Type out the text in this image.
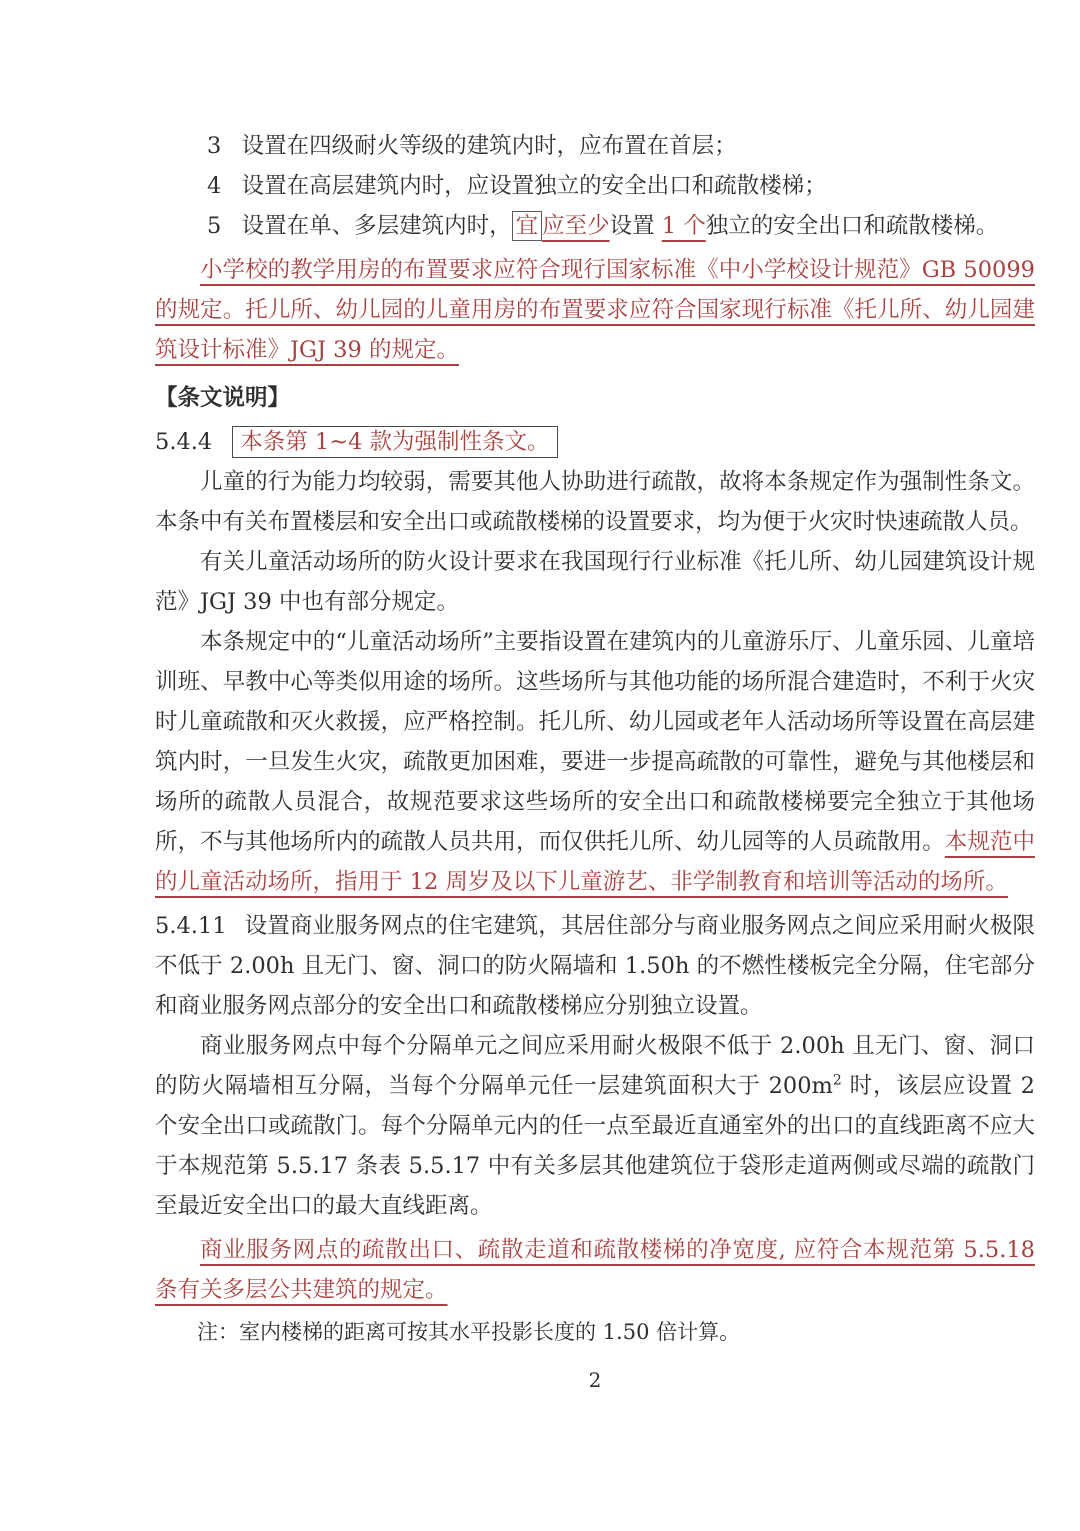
3 设置在四级耐火等级的建筑内时，应布置在首层；
4 设置在高层建筑内时，应设置独立的安全出口和疏散楼梯；
5 设置在单、多层建筑内时， 宜 应至少设置 1 个独立的安全出口和疏散楼梯。
小学校的教学用房的布置要求应符合现行国家标准《中小学校设计规范》GB 50099 的规定。托儿所、幼儿园的儿童用房的布置要求应符合国家现行标准《托儿所、幼儿园建筑设计标准》JGJ 39 的规定。
【条文说明】
5.4.4 本条第 1~4 款为强制性条文。
儿童的行为能力均较弱，需要其他人协助进行疏散，故将本条规定作为强制性条文。本条中有关布置楼层和安全出口或疏散楼梯的设置要求，均为便于火灾时快速疏散人员。
有关儿童活动场所的防火设计要求在我国现行行业标准《托儿所、幼儿园建筑设计规范》JGJ 39 中也有部分规定。
本条规定中的“儿童活动场所”主要指设置在建筑内的儿童游乐厅、儿童乐园、儿童培训班、早教中心等类似用途的场所。这些场所与其他功能的场所混合建造时，不利于火灾时儿童疏散和灭火救援，应严格控制。托儿所、幼儿园或老年人活动场所等设置在高层建筑内时，一旦发生火灾，疏散更加困难，要进一步提高疏散的可靠性，避免与其他楼层和场所的疏散人员混合，故规范要求这些场所的安全出口和疏散楼梯要完全独立于其他场所，不与其他场所内的疏散人员共用，而仅供托儿所、幼儿园等的人员疏散用。本规范中的儿童活动场所，指用于 12 周岁及以下儿童游艺、非学制教育和培训等活动的场所。
5.4.11 设置商业服务网点的住宅建筑，其居住部分与商业服务网点之间应采用耐火极限不低于 2.00h 且无门、窗、洞口的防火隔墙和 1.50h 的不燃性楼板完全分隔，住宅部分和商业服务网点部分的安全出口和疏散楼梯应分别独立设置。
商业服务网点中每个分隔单元之间应采用耐火极限不低于 2.00h 且无门、窗、洞口的防火隔墙相互分隔，当每个分隔单元任一层建筑面积大于 $200m^2$ 时，该层应设置 2 个安全出口或疏散门。每个分隔单元内的任一点至最近直通室外的出口的直线距离不应大于本规范第 5.5.17 条表 5.5.17 中有关多层其他建筑位于袋形走道两侧或尽端的疏散门至最近安全出口的最大直线距离。
商业服务网点的疏散出口、疏散走道和疏散楼梯的净宽度, 应符合本规范第 5.5.18 条有关多层公共建筑的规定。
注：室内楼梯的距离可按其水平投影长度的 1.50 倍计算。
2
